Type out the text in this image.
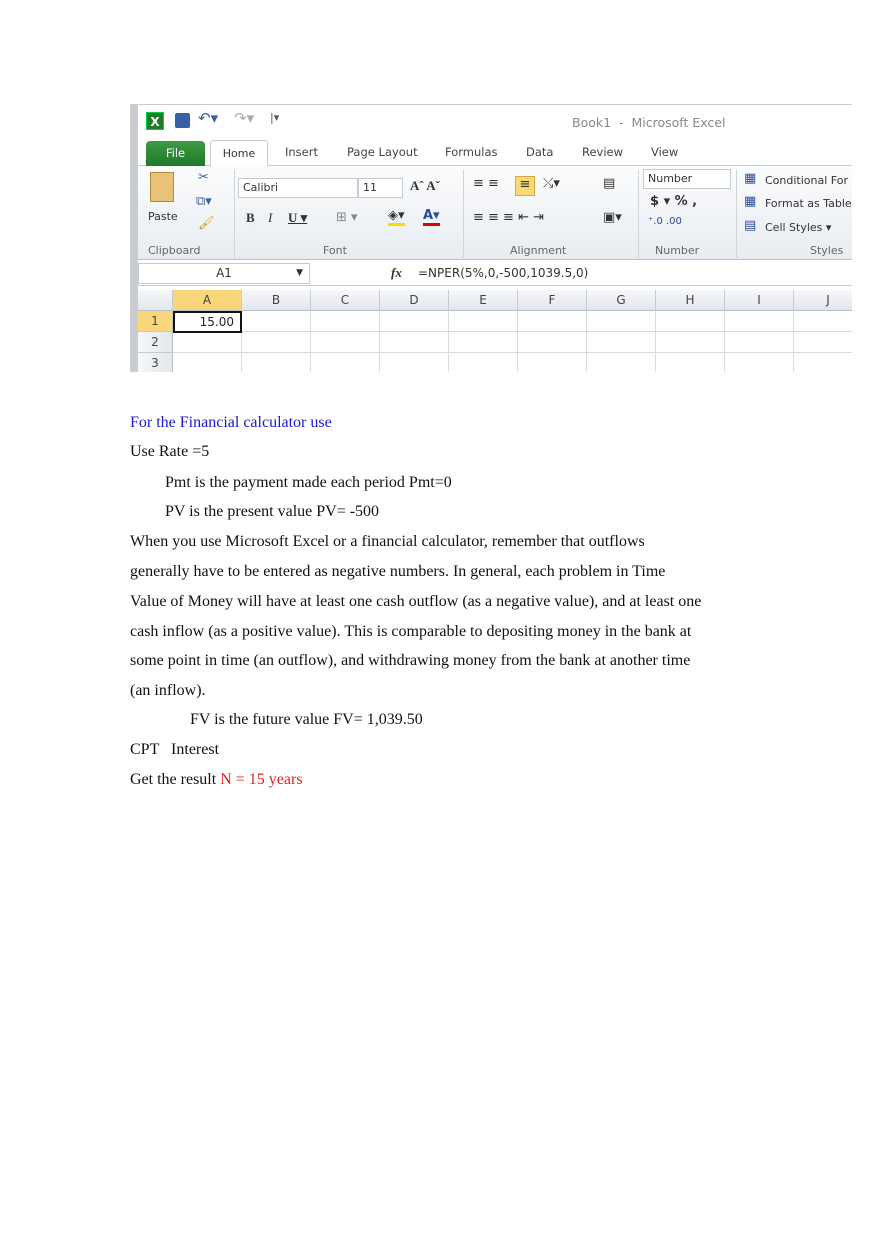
X	↶▾ ↷▾ |▾	Book1  -  Microsoft Excel
File	Home	Insert	Page Layout Formulas Data Review View
Paste
✂
⧉▾
🖌
Clipboard
Calibri	11	Aˆ Aˇ
B I U ▾ ⊞ ▾ ◈▾ A▾
Font
≡ ≡	≡ ⤯▾
≡ ≡ ≡ ⇤ ⇥
▤
▣▾
Alignment
Number
$ ▾ % ,
⁺.0 .00
Number
▦ Conditional For
▦ Format as Table
▤ Cell Styles ▾
Styles
A1	▼	fx =NPER(5%,0,-500,1039.5,0)
A	B	C	D	E	F	G	H	I	J
1
2
3
15.00
For the Financial calculator use
Use Rate =5
Pmt is the payment made each period Pmt=0
PV is the present value PV= -500
When you use Microsoft Excel or a financial calculator, remember that outflows
generally have to be entered as negative numbers. In general, each problem in Time
Value of Money will have at least one cash outflow (as a negative value), and at least one
cash inflow (as a positive value). This is comparable to depositing money in the bank at
some point in time (an outflow), and withdrawing money from the bank at another time
(an inflow).
FV is the future value FV= 1,039.50
CPT   Interest
Get the result N = 15 years
